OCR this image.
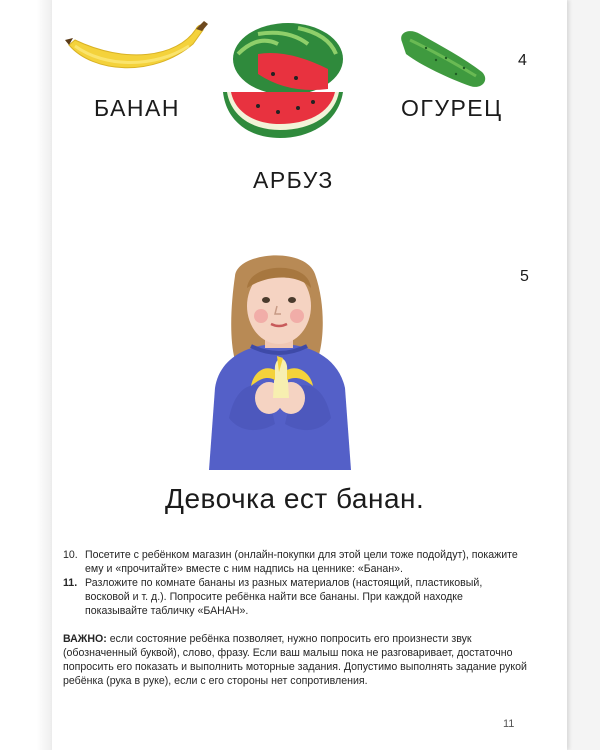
БАНАН
АРБУЗ
ОГУРЕЦ
4
5
Девочка ест банан.

10. Посетите с ребёнком магазин (онлайн-покупки для этой цели тоже подойдут), покажите ему и «прочитайте» вместе с ним надпись на ценнике: «Банан».

11. Разложите по комнате бананы из разных материалов (настоящий, пластиковый, восковой и т. д.). Попросите ребёнка найти все бананы. При каждой находке показывайте табличку «БАНАН».

ВАЖНО: если состояние ребёнка позволяет, нужно попросить его произнести звук (обозначенный буквой), слово, фразу. Если ваш малыш пока не разговаривает, достаточно попросить его показать и выполнить моторные задания. Допустимо выполнять задание рукой ребёнка (рука в руке), если с его стороны нет сопротивления.

11
